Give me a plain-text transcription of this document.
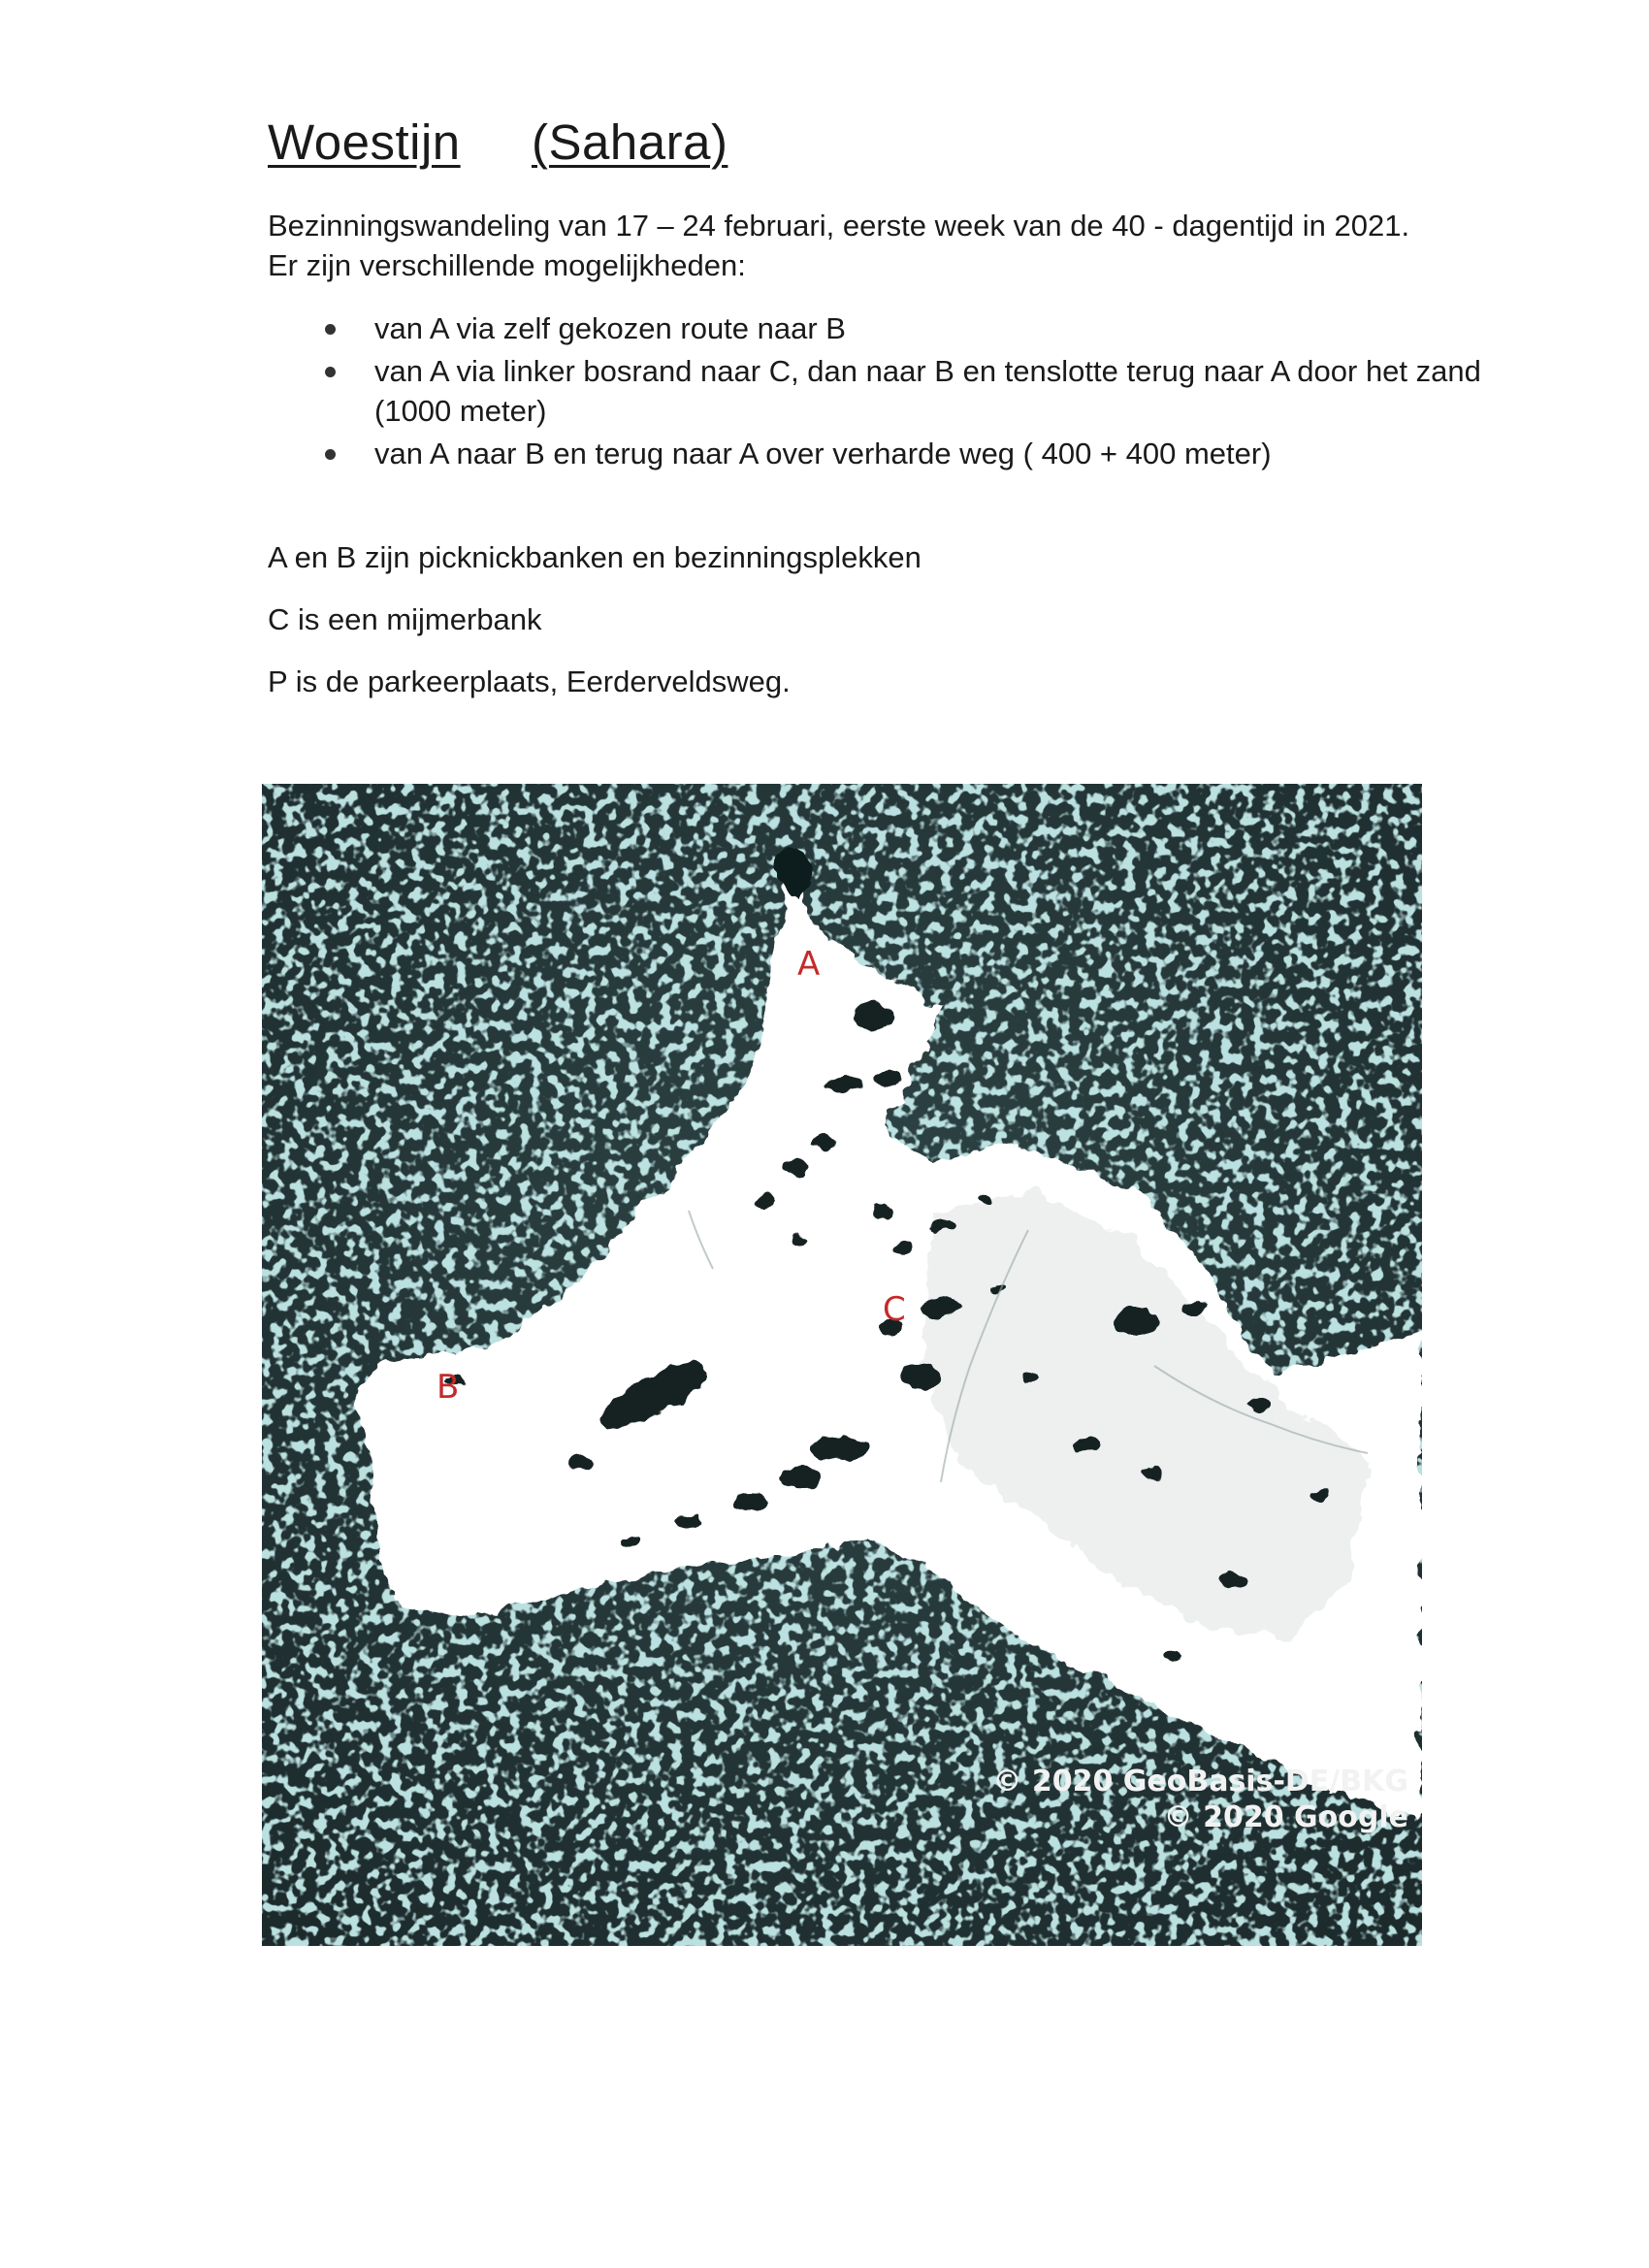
Woestijn (Sahara)

Bezinningswandeling van 17 – 24 februari, eerste week van de 40 - dagentijd in 2021.

Er zijn verschillende mogelijkheden:

van A via zelf gekozen route naar B
van A via linker bosrand naar C, dan naar B en tenslotte terug naar A door het zand (1000 meter)
van A naar B en terug naar A over verharde weg ( 400 + 400 meter)

A en B zijn picknickbanken en bezinningsplekken

C is een mijmerbank

P is de parkeerplaats, Eerderveldsweg.

A
B
C
© 2020 GeoBasis-DE/BKG
© 2020 Google
